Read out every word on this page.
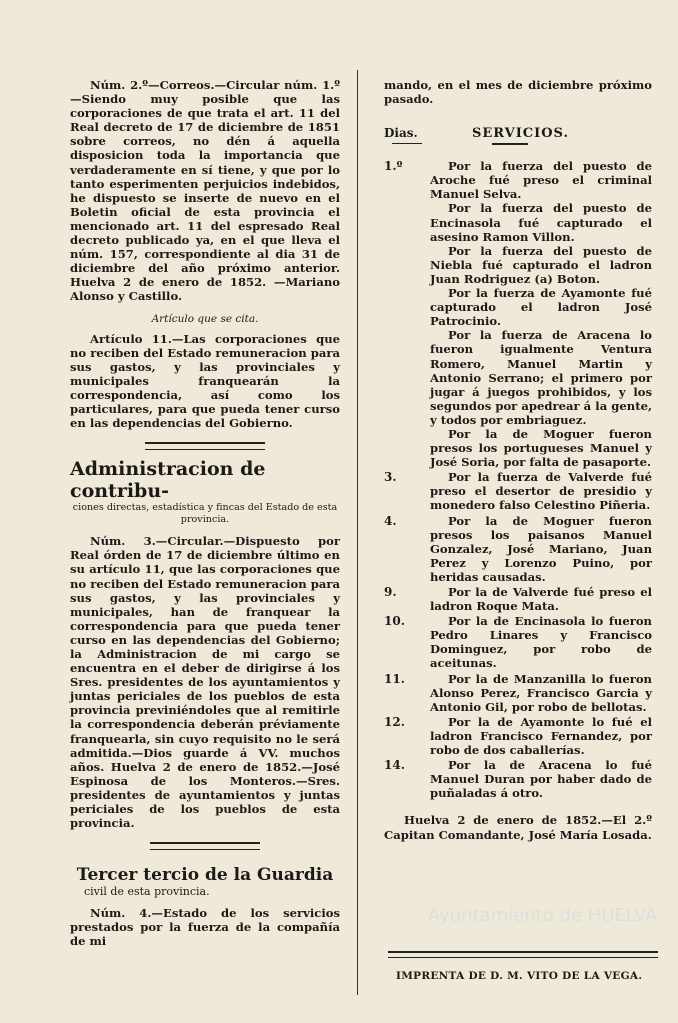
Núm. 2.º—Correos.—Circular núm. 1.º—Siendo muy posible que las corporaciones de que trata el art. 11 del Real decreto de 17 de diciembre de 1851 sobre correos, no dén á aquella disposicion toda la importancia que verdaderamente en sí tiene, y que por lo tanto esperimenten perjuicios indebidos, he dispuesto se inserte de nuevo en el Boletin oficial de esta provincia el mencionado art. 11 del espresado Real decreto publicado ya, en el que lleva el núm. 157, correspondiente al dia 31 de diciembre del año próximo anterior. Huelva 2 de enero de 1852. —Mariano Alonso y Castillo.

Artículo que se cita.

Artículo 11.—Las corporaciones que no reciben del Estado remuneracion para sus gastos, y las provinciales y municipales franquearán la correspondencia, así como los particulares, para que pueda tener curso en las dependencias del Gobierno.

Administracion de contribu-
ciones directas, estadística y fincas del Estado de esta provincia.

Núm. 3.—Circular.—Dispuesto por Real órden de 17 de diciembre último en su artículo 11, que las corporaciones que no reciben del Estado remuneracion para sus gastos, y las provinciales y municipales, han de franquear la correspondencia para que pueda tener curso en las dependencias del Gobierno; la Administracion de mi cargo se encuentra en el deber de dirigirse á los Sres. presidentes de los ayuntamientos y juntas periciales de los pueblos de esta provincia previniéndoles que al remitirle la correspondencia deberán préviamente franquearla, sin cuyo requisito no le será admitida.—Dios guarde á VV. muchos años. Huelva 2 de enero de 1852.—José Espinosa de los Monteros.—Sres. presidentes de ayuntamientos y juntas periciales de los pueblos de esta provincia.

Tercer tercio de la Guardia
civil de esta provincia.

Núm. 4.—Estado de los servicios prestados por la fuerza de la compañía de mi

mando, en el mes de diciembre próximo pasado.

Dias.	SERVICIOS.
1.º	Por la fuerza del puesto de Aroche fué preso el criminal Manuel Selva.

Por la fuerza del puesto de Encinasola fué capturado el asesino Ramon Villon.

Por la fuerza del puesto de Niebla fué capturado el ladron Juan Rodriguez (a) Boton.

Por la fuerza de Ayamonte fué capturado el ladron José Patrocinio.

Por la fuerza de Aracena lo fueron igualmente Ventura Romero, Manuel Martin y Antonio Serrano; el primero por jugar á juegos prohibidos, y los segundos por apedrear á la gente, y todos por embriaguez.

Por la de Moguer fueron presos los portugueses Manuel y José Soria, por falta de pasaporte.

3.	Por la fuerza de Valverde fué preso el desertor de presidio y monedero falso Celestino Piñeria.

4.	Por la de Moguer fueron presos los paisanos Manuel Gonzalez, José Mariano, Juan Perez y Lorenzo Puino, por heridas causadas.

9.	Por la de Valverde fué preso el ladron Roque Mata.

10.	Por la de Encinasola lo fueron Pedro Linares y Francisco Dominguez, por robo de aceitunas.

11.	Por la de Manzanilla lo fueron Alonso Perez, Francisco Garcia y Antonio Gil, por robo de bellotas.

12.	Por la de Ayamonte lo fué el ladron Francisco Fernandez, por robo de dos caballerías.

14.	Por la de Aracena lo fué Manuel Duran por haber dado de puñaladas á otro.

Huelva 2 de enero de 1852.—El 2.º Capitan Comandante, José María Losada.

IMPRENTA DE D. M. VITO DE LA VEGA.
Ayuntamiento de HUELVA
